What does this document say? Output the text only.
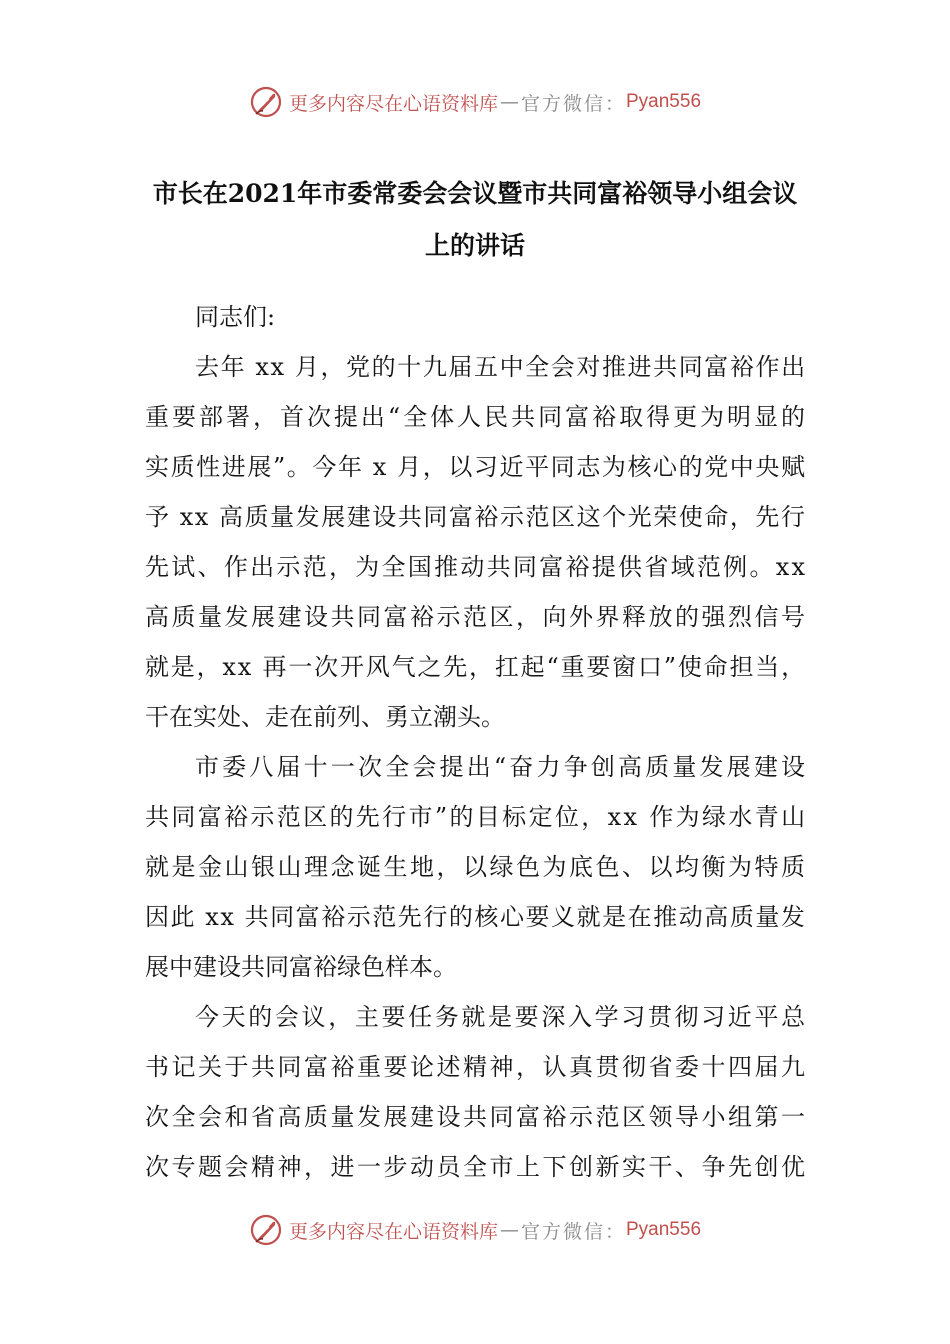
更多内容尽在心语资料库 — 官方微信： Pyan556
市长在2021年市委常委会会议暨市共同富裕领导小组会议
上的讲话
同志们:
去年 xx 月，党的十九届五中全会对推进共同富裕作出
重要部署，首次提出“全体人民共同富裕取得更为明显的
实质性进展”。今年 x 月，以习近平同志为核心的党中央赋
予 xx 高质量发展建设共同富裕示范区这个光荣使命，先行
先试、作出示范，为全国推动共同富裕提供省域范例。xx
高质量发展建设共同富裕示范区，向外界释放的强烈信号
就是，xx 再一次开风气之先，扛起“重要窗口”使命担当，
干在实处、走在前列、勇立潮头。
市委八届十一次全会提出“奋力争创高质量发展建设
共同富裕示范区的先行市”的目标定位，xx 作为绿水青山
就是金山银山理念诞生地，以绿色为底色、以均衡为特质
因此 xx 共同富裕示范先行的核心要义就是在推动高质量发
展中建设共同富裕绿色样本。
今天的会议，主要任务就是要深入学习贯彻习近平总
书记关于共同富裕重要论述精神，认真贯彻省委十四届九
次全会和省高质量发展建设共同富裕示范区领导小组第一
次专题会精神，进一步动员全市上下创新实干、争先创优
更多内容尽在心语资料库 — 官方微信： Pyan556
